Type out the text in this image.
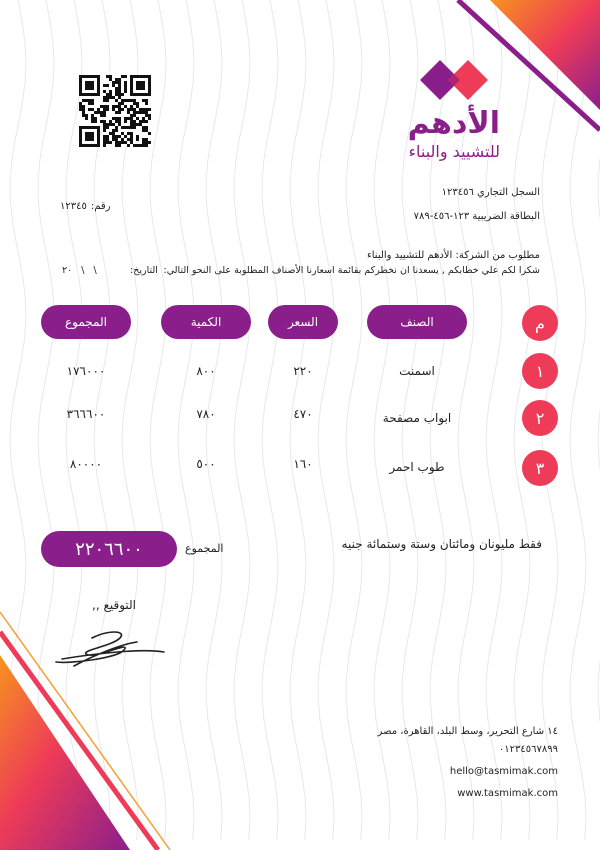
الأدهم
للتشييد والبناء
السجل التجاري ١٢٣٤٥٦
البطاقة الضريبية ١٢٣-٤٥٦-٧٨٩
رقم:
١٢٣٤٥
مطلوب من الشركة: الأدهم للتشييد والبناء
شكرا لكم علي خطابكم , يسعدنا ان نخطركم بقائمة اسعارنا الأصناف المطلوبة على النحو التالي:
التاريخ:
٢٠   \   \
م
الصنف
السعر
الكمية
المجموع
١
اسمنت
٢٢٠
٨٠٠
١٧٦٠٠٠
٢
ابواب مصفحة
٤٧٠
٧٨٠
٣٦٦٦٠٠
٣
طوب احمر
١٦٠
٥٠٠
٨٠٠٠٠
فقط مليونان ومائتان وستة وستمائة جنيه
المجموع
٢٢٠٦٦٠٠
التوقيع ,,
١٤ شارع التحرير، وسط البلد، القاهرة، مصر
٠١٢٣٤٥٦٧٨٩٩
hello@tasmimak.com
www.tasmimak.com
